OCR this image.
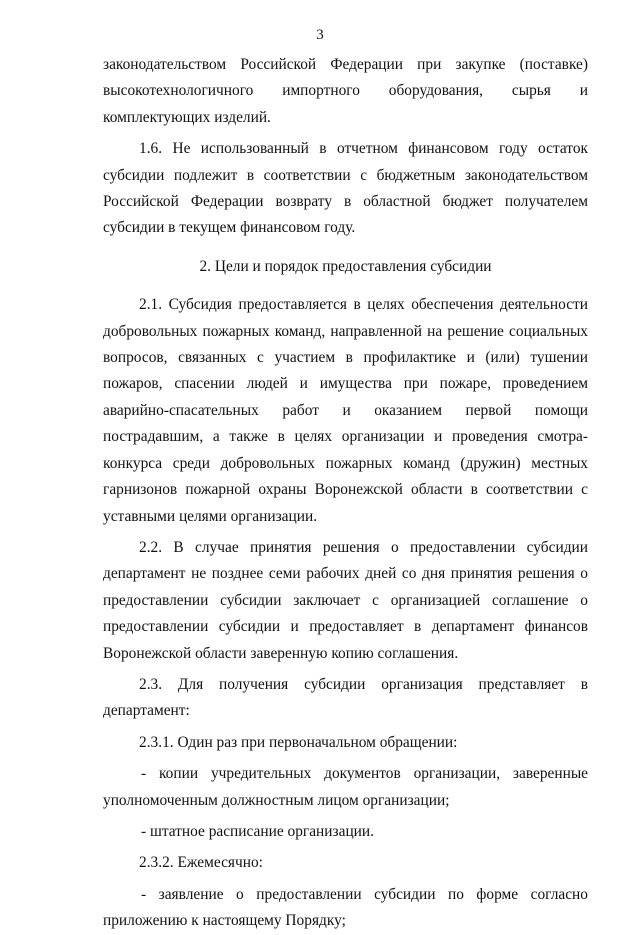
3

законодательством Российской Федерации при закупке (поставке) высокотехнологичного импортного оборудования, сырья и комплектующих изделий.

1.6. Не использованный в отчетном финансовом году остаток субсидии подлежит в соответствии с бюджетным законодательством Российской Федерации возврату в областной бюджет получателем субсидии в текущем финансовом году.

2. Цели и порядок предоставления субсидии

2.1. Субсидия предоставляется в целях обеспечения деятельности добровольных пожарных команд, направленной на решение социальных вопросов, связанных с участием в профилактике и (или) тушении пожаров, спасении людей и имущества при пожаре, проведением аварийно-спасательных работ и оказанием первой помощи пострадавшим, а также в целях организации и проведения смотра-конкурса среди добровольных пожарных команд (дружин) местных гарнизонов пожарной охраны Воронежской области в соответствии с уставными целями организации.

2.2. В случае принятия решения о предоставлении субсидии департамент не позднее семи рабочих дней со дня принятия решения о предоставлении субсидии заключает с организацией соглашение о предоставлении субсидии и предоставляет в департамент финансов Воронежской области заверенную копию соглашения.

2.3. Для получения субсидии организация представляет в департамент:

2.3.1. Один раз при первоначальном обращении:

- копии учредительных документов организации, заверенные уполномоченным должностным лицом организации;

- штатное расписание организации.

2.3.2. Ежемесячно:

- заявление о предоставлении субсидии по форме согласно приложению к настоящему Порядку;
